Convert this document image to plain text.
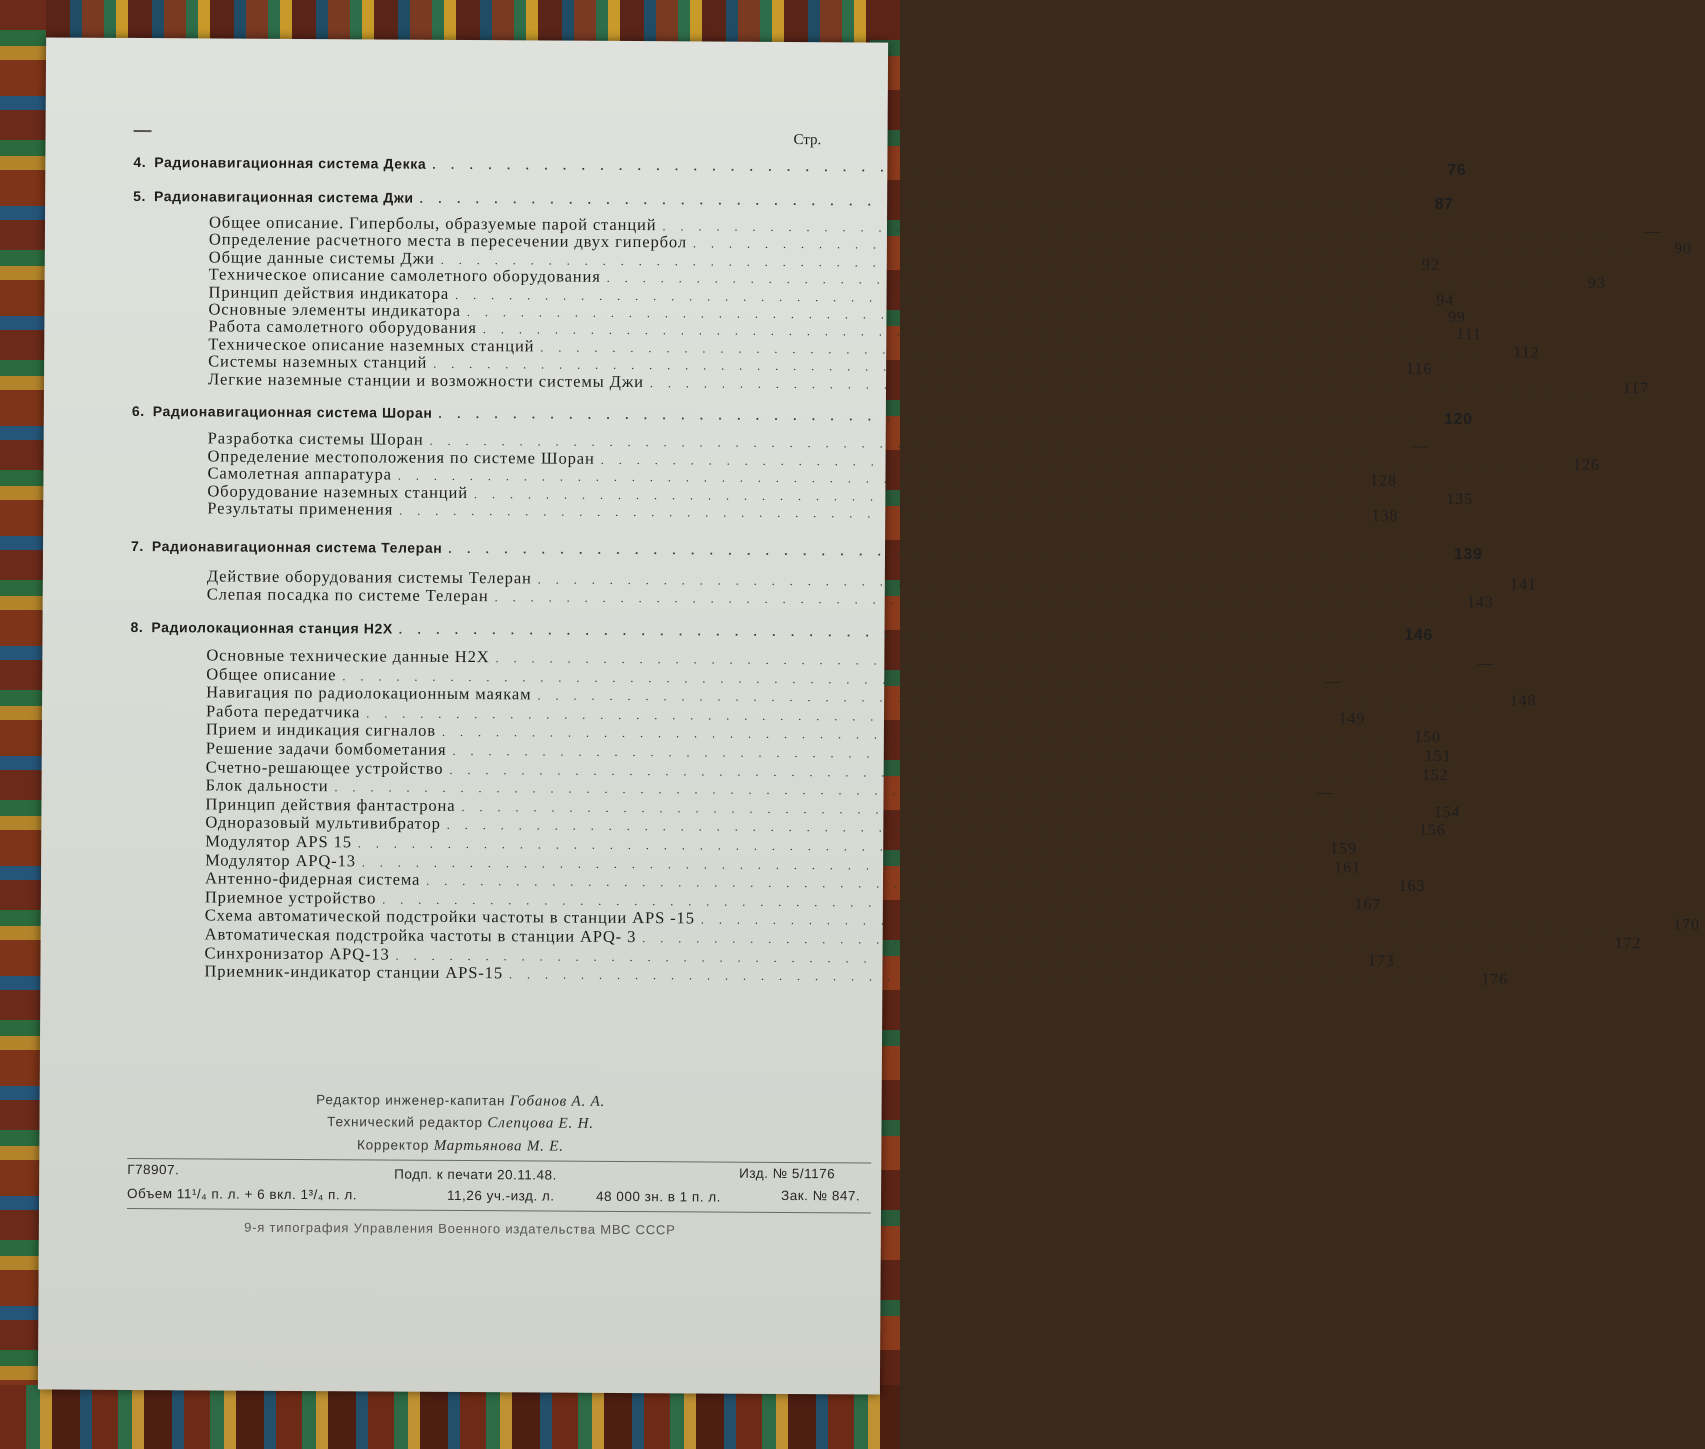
Стр.
4. Радионавигационная система Декка . . . . . . . . . . . . . . . . . . . . . . . . . . . . . . . . . . . . . . . . . . . . . . . . . . . . .	76
5. Радионавигационная система Джи . . . . . . . . . . . . . . . . . . . . . . . . . . . . . . . . . . . . . . . . . . . . . . . . . . . . .	87
Общее описание. Гиперболы, образуемые парой станций . . . . . . . . . . . . . . . . . . . . . . . . . . . . . . . . . . . . . . . . . . . . . . . . . . . . .	—
Определение расчетного места в пересечении двух гипербол . . . . . . . . . . . . . . . . . . . . . . . . . . . . . . . . . . . . . . . . . . . . . . . . . . . . .	90
Общие данные системы Джи . . . . . . . . . . . . . . . . . . . . . . . . . . . . . . . . . . . . . . . . . . . . . . . . . . . . .	92
Техническое описание самолетного оборудования . . . . . . . . . . . . . . . . . . . . . . . . . . . . . . . . . . . . . . . . . . . . . . . . . . . . .	93
Принцип действия индикатора . . . . . . . . . . . . . . . . . . . . . . . . . . . . . . . . . . . . . . . . . . . . . . . . . . . . .	94
Основные элементы индикатора . . . . . . . . . . . . . . . . . . . . . . . . . . . . . . . . . . . . . . . . . . . . . . . . . . . . .	99
Работа самолетного оборудования . . . . . . . . . . . . . . . . . . . . . . . . . . . . . . . . . . . . . . . . . . . . . . . . . . . . .	111
Техническое описание наземных станций . . . . . . . . . . . . . . . . . . . . . . . . . . . . . . . . . . . . . . . . . . . . . . . . . . . . .	112
Системы наземных станций . . . . . . . . . . . . . . . . . . . . . . . . . . . . . . . . . . . . . . . . . . . . . . . . . . . . .	116
Легкие наземные станции и возможности системы Джи . . . . . . . . . . . . . . . . . . . . . . . . . . . . . . . . . . . . . . . . . . . . . . . . . . . . .	117
6. Радионавигационная система Шоран . . . . . . . . . . . . . . . . . . . . . . . . . . . . . . . . . . . . . . . . . . . . . . . . . . . . .	120
Разработка системы Шоран . . . . . . . . . . . . . . . . . . . . . . . . . . . . . . . . . . . . . . . . . . . . . . . . . . . . .	—
Определение местоположения по системе Шоран . . . . . . . . . . . . . . . . . . . . . . . . . . . . . . . . . . . . . . . . . . . . . . . . . . . . .	126
Самолетная аппаратура . . . . . . . . . . . . . . . . . . . . . . . . . . . . . . . . . . . . . . . . . . . . . . . . . . . . .	128
Оборудование наземных станций . . . . . . . . . . . . . . . . . . . . . . . . . . . . . . . . . . . . . . . . . . . . . . . . . . . . .	135
Результаты применения . . . . . . . . . . . . . . . . . . . . . . . . . . . . . . . . . . . . . . . . . . . . . . . . . . . . .	138
7. Радионавигационная система Телеран . . . . . . . . . . . . . . . . . . . . . . . . . . . . . . . . . . . . . . . . . . . . . . . . . . . . .	139
Действие оборудования системы Телеран . . . . . . . . . . . . . . . . . . . . . . . . . . . . . . . . . . . . . . . . . . . . . . . . . . . . .	141
Слепая посадка по системе Телеран . . . . . . . . . . . . . . . . . . . . . . . . . . . . . . . . . . . . . . . . . . . . . . . . . . . . .	143
8. Радиолокационная станция H2X . . . . . . . . . . . . . . . . . . . . . . . . . . . . . . . . . . . . . . . . . . . . . . . . . . . . .	146
Основные технические данные H2X . . . . . . . . . . . . . . . . . . . . . . . . . . . . . . . . . . . . . . . . . . . . . . . . . . . . .	—
Общее описание . . . . . . . . . . . . . . . . . . . . . . . . . . . . . . . . . . . . . . . . . . . . . . . . . . . . .	—
Навигация по радиолокационным маякам . . . . . . . . . . . . . . . . . . . . . . . . . . . . . . . . . . . . . . . . . . . . . . . . . . . . .	148
Работа передатчика . . . . . . . . . . . . . . . . . . . . . . . . . . . . . . . . . . . . . . . . . . . . . . . . . . . . .	149
Прием и индикация сигналов . . . . . . . . . . . . . . . . . . . . . . . . . . . . . . . . . . . . . . . . . . . . . . . . . . . . .	150
Решение задачи бомбометания . . . . . . . . . . . . . . . . . . . . . . . . . . . . . . . . . . . . . . . . . . . . . . . . . . . . .	151
Счетно-решающее устройство . . . . . . . . . . . . . . . . . . . . . . . . . . . . . . . . . . . . . . . . . . . . . . . . . . . . .	152
Блок дальности . . . . . . . . . . . . . . . . . . . . . . . . . . . . . . . . . . . . . . . . . . . . . . . . . . . . .	—
Принцип действия фантастрона . . . . . . . . . . . . . . . . . . . . . . . . . . . . . . . . . . . . . . . . . . . . . . . . . . . . .	154
Одноразовый мультивибратор . . . . . . . . . . . . . . . . . . . . . . . . . . . . . . . . . . . . . . . . . . . . . . . . . . . . .	156
Модулятор APS 15 . . . . . . . . . . . . . . . . . . . . . . . . . . . . . . . . . . . . . . . . . . . . . . . . . . . . .	159
Модулятор APQ-13 . . . . . . . . . . . . . . . . . . . . . . . . . . . . . . . . . . . . . . . . . . . . . . . . . . . . .	161
Антенно-фидерная система . . . . . . . . . . . . . . . . . . . . . . . . . . . . . . . . . . . . . . . . . . . . . . . . . . . . .	163
Приемное устройство . . . . . . . . . . . . . . . . . . . . . . . . . . . . . . . . . . . . . . . . . . . . . . . . . . . . .	167
Схема автоматической подстройки частоты в станции APS -15 . . . . . . . . . . . . . . . . . . . . . . . . . . . . . . . . . . . . . . . . . . . . . . . . . . . . .	170
Автоматическая подстройка частоты в станции APQ- 3 . . . . . . . . . . . . . . . . . . . . . . . . . . . . . . . . . . . . . . . . . . . . . . . . . . . . .	172
Синхронизатор APQ-13 . . . . . . . . . . . . . . . . . . . . . . . . . . . . . . . . . . . . . . . . . . . . . . . . . . . . .	173
Приемник-индикатор станции APS-15 . . . . . . . . . . . . . . . . . . . . . . . . . . . . . . . . . . . . . . . . . . . . . . . . . . . . .	176
Редактор инженер-капитан Гобанов А. А.
Технический редактор Слепцова Е. Н.
Корректор Мартьянова М. Е.
Г78907.	Подп. к печати 20.11.48.	Изд. № 5/1176
Объем 11¹/₄ п. л. + 6 вкл. 1³/₄ п. л.	11,26 уч.-изд. л.	48 000 зн. в 1 п. л.	Зак. № 847.
9-я типография Управления Военного издательства МВС СССР
